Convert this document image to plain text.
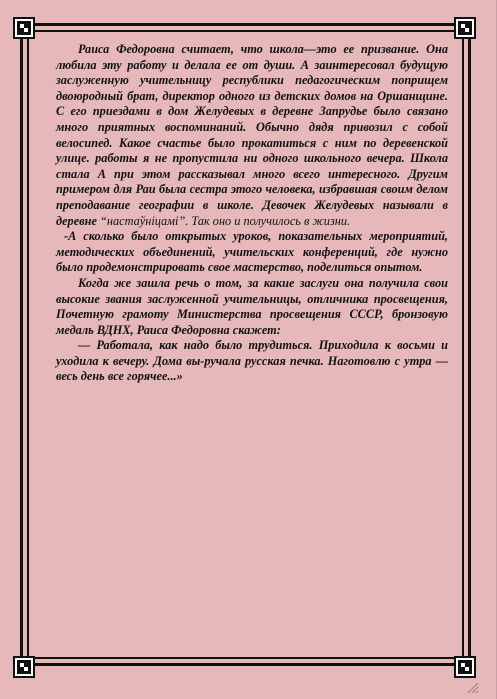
Раиса Федоровна считает, что школа—это ее призвание. Она любила эту работу и делала ее от души. А заинтересовал будущую заслуженную учительницу республики педагогическим поприщем двоюродный брат, директор одного из детских домов на Оршанщине. С его приездами в дом Желудевых в деревне Запрудье было связано много приятных воспоминаний. Обычно дядя привозил с собой велосипед. Какое счастье было прокатиться с ним по деревенской улице. работы я не пропустила ни одного школьного вечера. Школа стала А при этом рассказывал много всего интересного. Другим примером для Раи была сестра этого человека, избравшая своим делом преподавание географии в школе. Девочек Желудевых называли в деревне “настаўніцамі”. Так оно и получилось в жизни.

-А сколько было открытых уроков, показательных мероприятий, методических объединений, учительских конференций, где нужно было продемонстрировать свое мастерство, поделиться опытом.

Когда же зашла речь о том, за какие заслуги она получила свои высокие звания заслуженной учительницы, отличника просвещения, Почетную грамоту Министерства просвещения СССР, бронзовую медаль ВДНХ, Раиса Федоровна скажет:

— Работала, как надо было трудиться. Приходила к восьми и уходила к вечеру. Дома вы-ручала русская печка. Наготовлю с утра — весь день все горячее...»
